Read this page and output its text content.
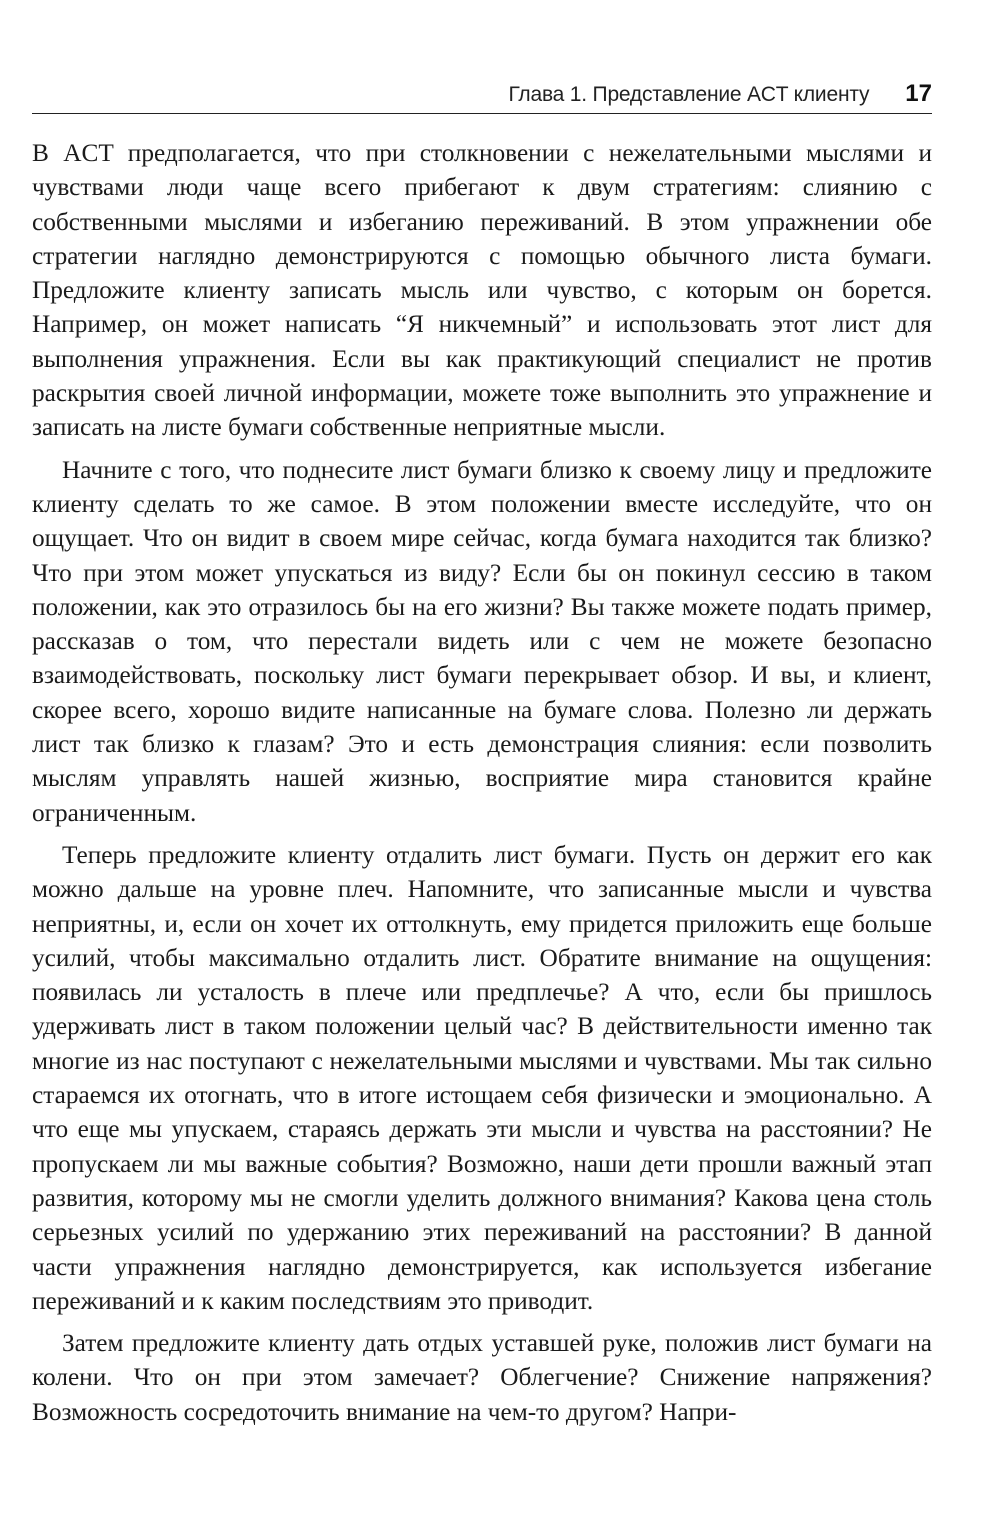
Глава 1. Представление ACT клиенту 17

В ACT предполагается, что при столкновении с нежелательными мыслями и чувствами люди чаще всего прибегают к двум стратегиям: слиянию с собственными мыслями и избеганию переживаний. В этом упражнении обе стратегии наглядно демонстрируются с помощью обычного листа бумаги. Предложите клиенту записать мысль или чувство, с которым он борется. Например, он может написать “Я никчемный” и использовать этот лист для выполнения упражнения. Если вы как практикующий специалист не против раскрытия своей личной информации, можете тоже выполнить это упражнение и записать на листе бумаги собственные неприятные мысли.

Начните с того, что поднесите лист бумаги близко к своему лицу и предложите клиенту сделать то же самое. В этом положении вместе исследуйте, что он ощущает. Что он видит в своем мире сейчас, когда бумага находится так близко? Что при этом может упускаться из виду? Если бы он покинул сессию в таком положении, как это отразилось бы на его жизни? Вы также можете подать пример, рассказав о том, что перестали видеть или с чем не можете безопасно взаимодействовать, поскольку лист бумаги перекрывает обзор. И вы, и клиент, скорее всего, хорошо видите написанные на бумаге слова. Полезно ли держать лист так близко к глазам? Это и есть демонстрация слияния: если позволить мыслям управлять нашей жизнью, восприятие мира становится крайне ограниченным.

Теперь предложите клиенту отдалить лист бумаги. Пусть он держит его как можно дальше на уровне плеч. Напомните, что записанные мысли и чувства неприятны, и, если он хочет их оттолкнуть, ему придется приложить еще больше усилий, чтобы максимально отдалить лист. Обратите внимание на ощущения: появилась ли усталость в плече или предплечье? А что, если бы пришлось удерживать лист в таком положении целый час? В действительности именно так многие из нас поступают с нежелательными мыслями и чувствами. Мы так сильно стараемся их отогнать, что в итоге истощаем себя физически и эмоционально. А что еще мы упускаем, стараясь держать эти мысли и чувства на расстоянии? Не пропускаем ли мы важные события? Возможно, наши дети прошли важный этап развития, которому мы не смогли уделить должного внимания? Какова цена столь серьезных усилий по удержанию этих переживаний на расстоянии? В данной части упражнения наглядно демонстрируется, как используется избегание переживаний и к каким последствиям это приводит.

Затем предложите клиенту дать отдых уставшей руке, положив лист бумаги на колени. Что он при этом замечает? Облегчение? Снижение напряжения? Возможность сосредоточить внимание на чем-то другом? Напри-
